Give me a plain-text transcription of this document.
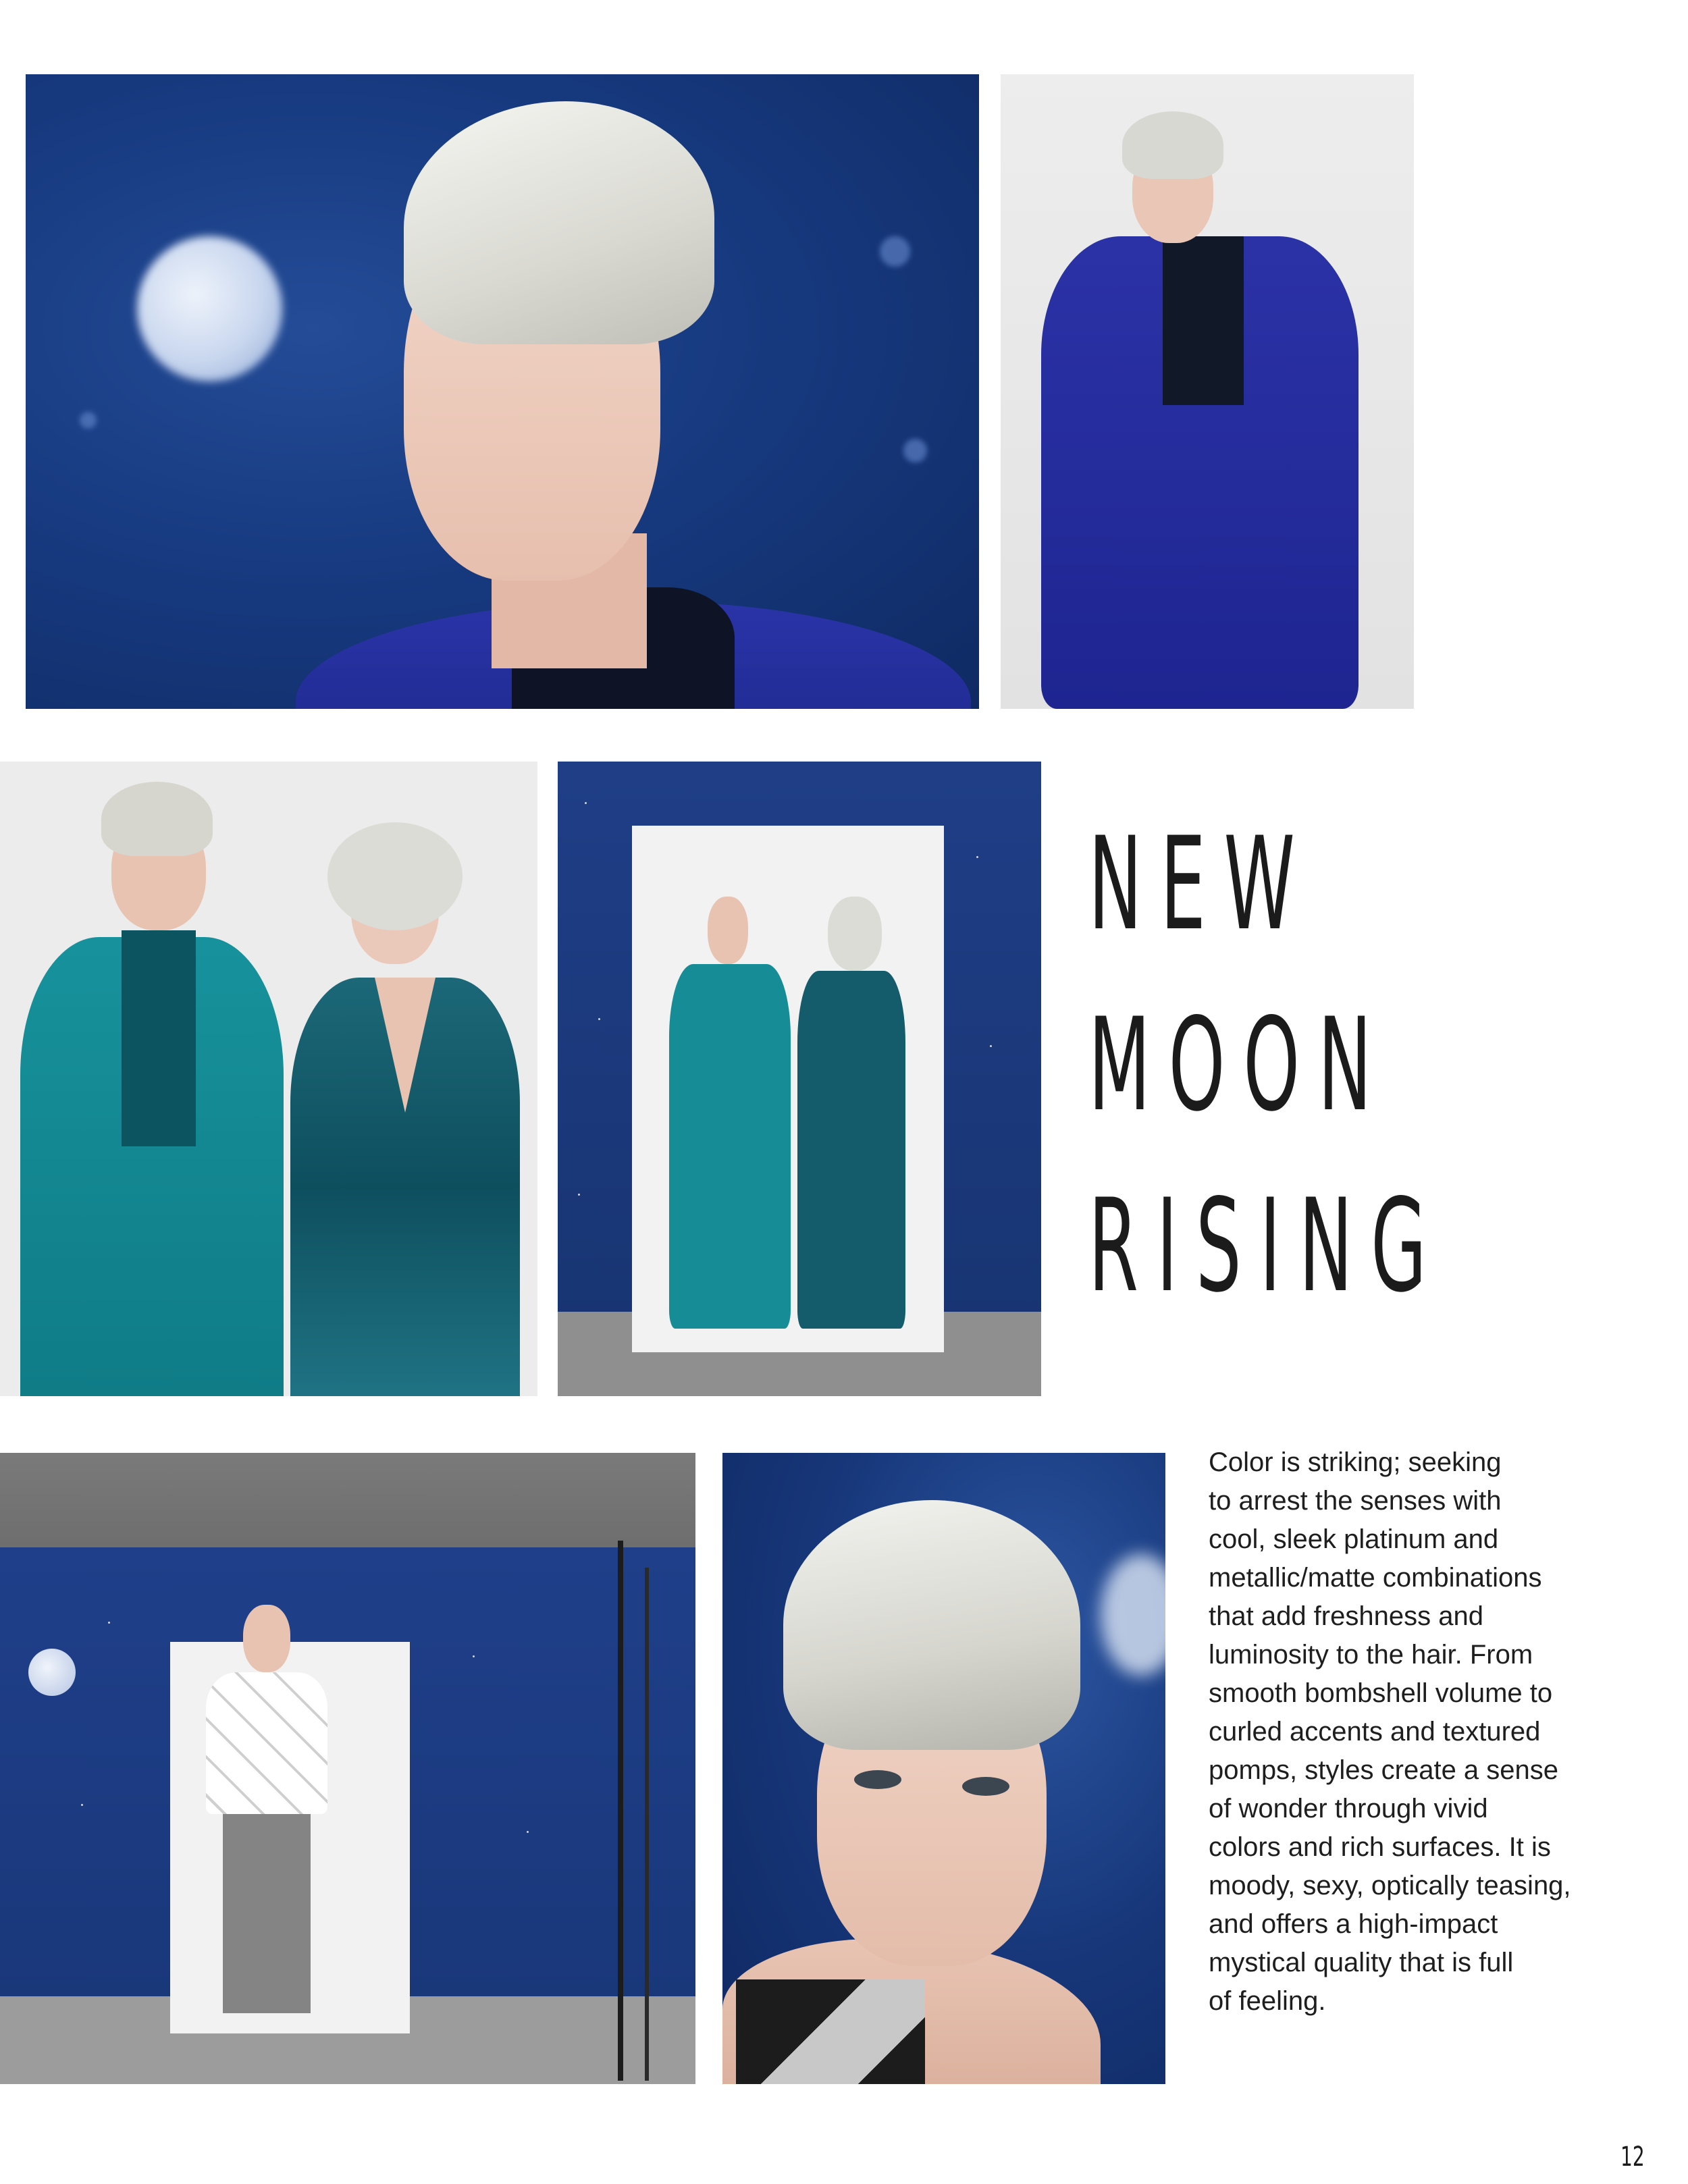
NEW
MOON
RISING
Color is striking; seeking
to arrest the senses with
cool, sleek platinum and
metallic/matte combinations
that add freshness and
luminosity to the hair. From
smooth bombshell volume to
curled accents and textured
pomps, styles create a sense
of wonder through vivid
colors and rich surfaces. It is
moody, sexy, optically teasing,
and offers a high-impact
mystical quality that is full
of feeling.
12
